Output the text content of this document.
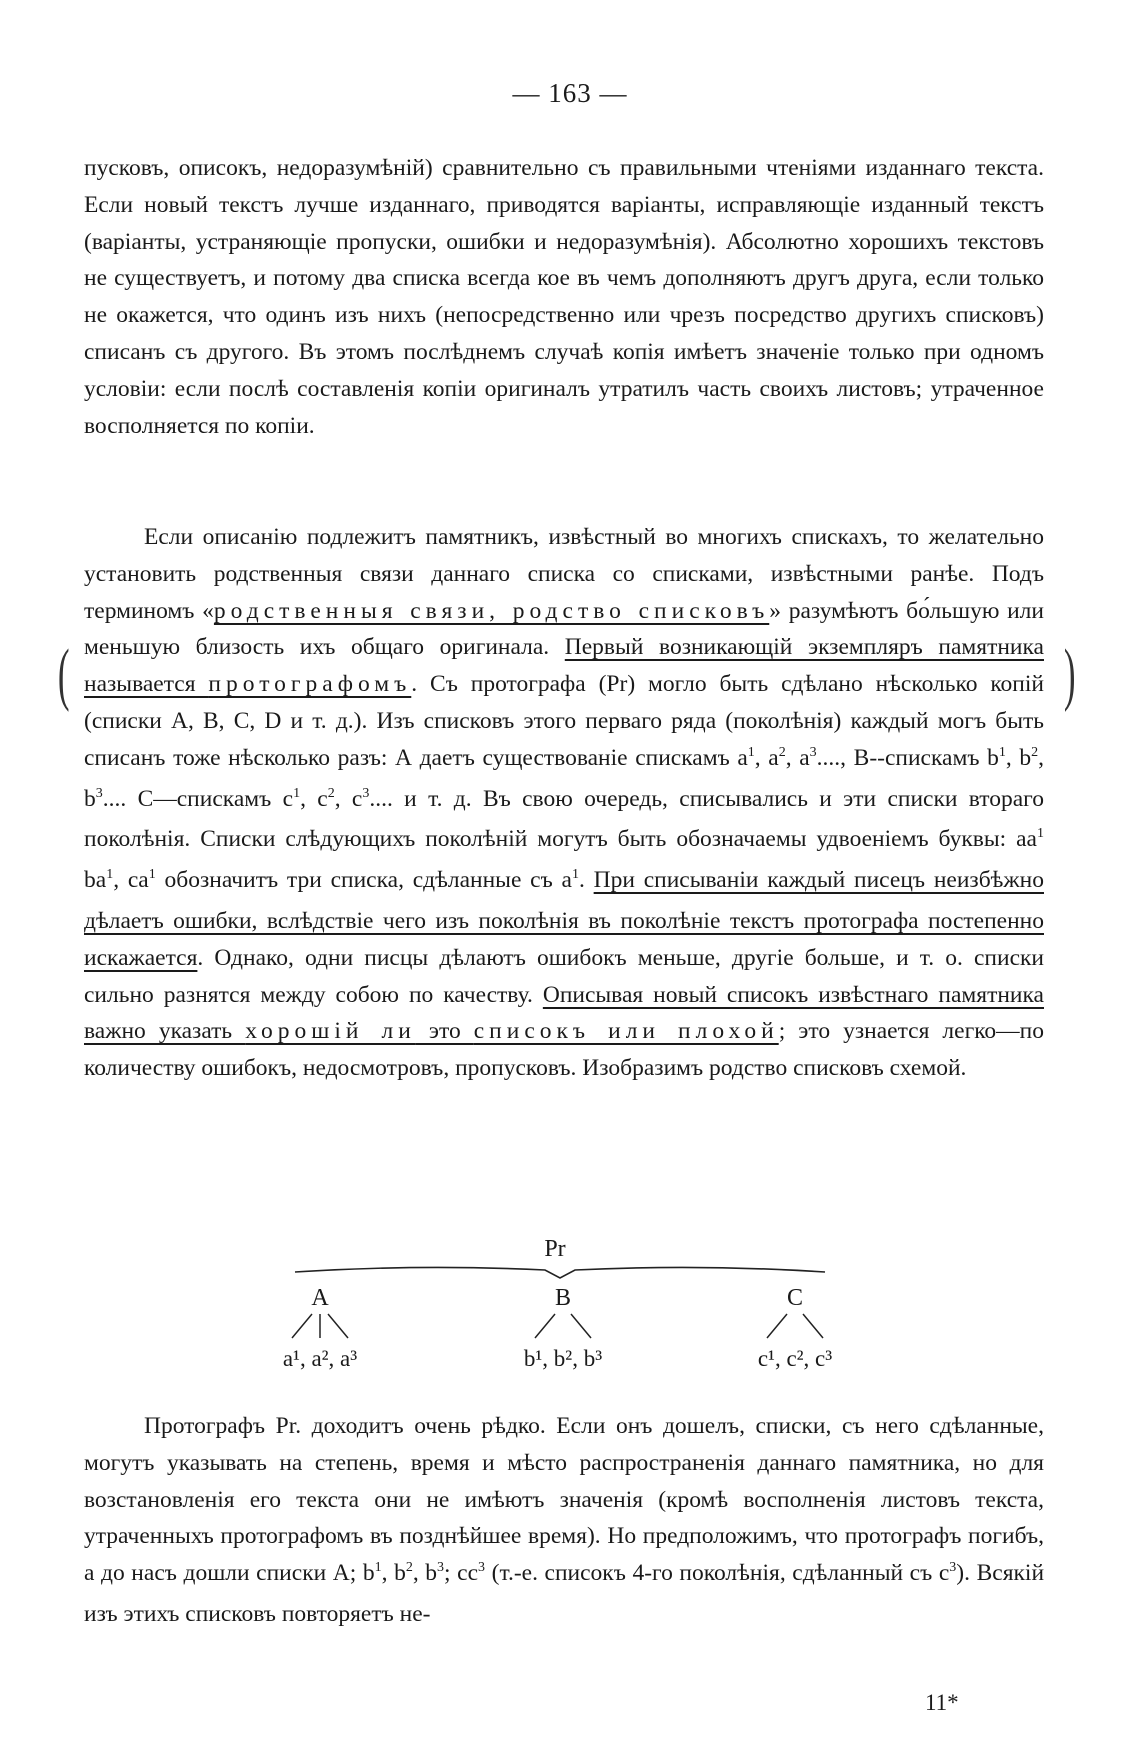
— 163 —

пусковъ, описокъ, недоразумѣній) сравнительно съ правильными чтеніями изданнаго текста. Если новый текстъ лучше изданнаго, приводятся варіанты, исправляющіе изданный текстъ (варіанты, устраняющіе пропуски, ошибки и недоразумѣнія). Абсолютно хорошихъ текстовъ не существуетъ, и потому два списка всегда кое въ чемъ дополняютъ другъ друга, если только не окажется, что одинъ изъ нихъ (непосредственно или чрезъ посредство другихъ списковъ) списанъ съ другого. Въ этомъ послѣднемъ случаѣ копія имѣетъ значеніе только при одномъ условіи: если послѣ составленія копіи оригиналъ утратилъ часть своихъ листовъ; утраченное восполняется по копіи.

Если описанію подлежитъ памятникъ, извѣстный во многихъ спискахъ, то желательно установить родственныя связи даннаго списка со списками, извѣстными ранѣе. Подъ терминомъ «родственныя связи, родство списковъ» разумѣютъ бо́льшую или меньшую близость ихъ общаго оригинала. Первый возникающій экземпляръ памятника называется протографомъ. Съ протографа (Pr) могло быть сдѣлано нѣсколько копій (списки А, В, С, D и т. д.). Изъ списковъ этого перваго ряда (поколѣнія) каждый могъ быть списанъ тоже нѣсколько разъ: А даетъ существованіе спискамъ $a^1$, $a^2$, $a^3$...., В--спискамъ $b^1$, $b^2$, $b^3$.... С—спискамъ $c^1$, $c^2$, $c^3$.... и т. д. Въ свою очередь, списывались и эти списки втораго поколѣнія. Списки слѣдующихъ поколѣній могутъ быть обозначаемы удвоеніемъ буквы: $aa^1$ $ba^1$, $ca^1$ обозначитъ три списка, сдѣланные съ $a^1$. При списываніи каждый писецъ неизбѣжно дѣлаетъ ошибки, вслѣдствіе чего изъ поколѣнія въ поколѣніе текстъ протографа постепенно искажается. Однако, одни писцы дѣлаютъ ошибокъ меньше, другіе больше, и т. о. списки сильно разнятся между собою по качеству. Описывая новый списокъ извѣстнаго памятника важно указать хорошій ли это списокъ или плохой; это узнается легко—по количеству ошибокъ, недосмотровъ, пропусковъ. Изобразимъ родство списковъ схемой.

(	)
Pr
A	B	C
a¹, a², a³	b¹, b², b³	c¹, c², c³

Протографъ Pr. доходитъ очень рѣдко. Если онъ дошелъ, списки, съ него сдѣланные, могутъ указывать на степень, время и мѣсто распространенія даннаго памятника, но для возстановленія его текста они не имѣютъ значенія (кромѣ восполненія листовъ текста, утраченныхъ протографомъ въ позднѣйшее время). Но предположимъ, что протографъ погибъ, а до насъ дошли списки А; $b^1$, $b^2$, $b^3$; $cc^3$ (т.-е. списокъ 4-го поколѣнія, сдѣланный съ $c^3$). Всякій изъ этихъ списковъ повторяетъ не-

11*
